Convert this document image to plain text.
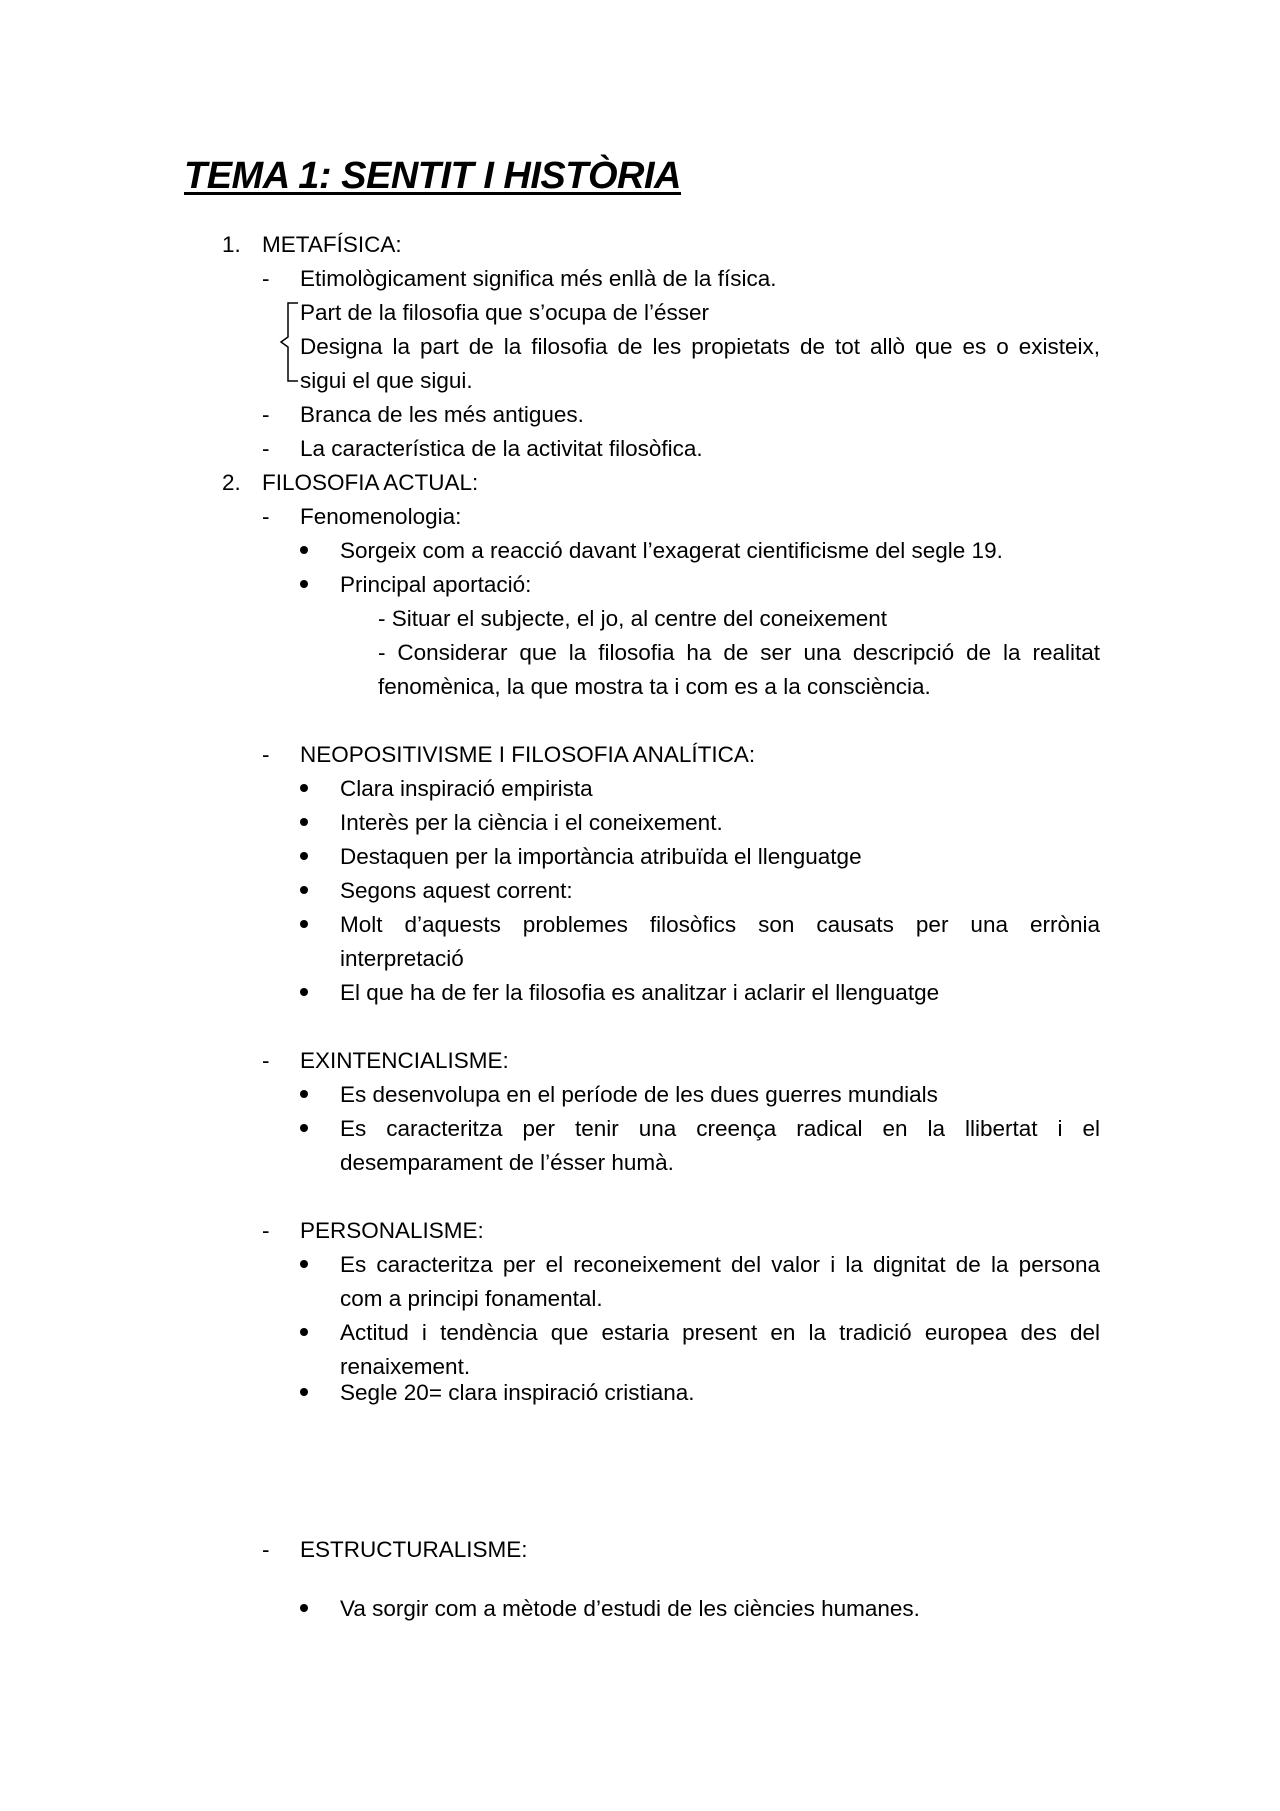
TEMA 1: SENTIT I HISTÒRIA
1. METAFÍSICA:
- Etimològicament significa més enllà de la física.
Part de la filosofia que s’ocupa de l’ésser
Designa la part de la filosofia de les propietats de tot allò que es o existeix,
sigui el que sigui.
- Branca de les més antigues.
- La característica de la activitat filosòfica.
2. FILOSOFIA ACTUAL:
- Fenomenologia:
Sorgeix com a reacció davant l’exagerat cientificisme del segle 19.
Principal aportació:
- Situar el subjecte, el jo, al centre del coneixement
- Considerar que la filosofia ha de ser una descripció de la realitat
fenomènica, la que mostra ta i com es a la consciència.
- NEOPOSITIVISME I FILOSOFIA ANALÍTICA:
Clara inspiració empirista
Interès per la ciència i el coneixement.
Destaquen per la importància atribuïda el llenguatge
Segons aquest corrent:
Molt d’aquests problemes filosòfics son causats per una errònia
interpretació
El que ha de fer la filosofia es analitzar i aclarir el llenguatge
- EXINTENCIALISME:
Es desenvolupa en el període de les dues guerres mundials
Es caracteritza per tenir una creença radical en la llibertat i el
desemparament de l’ésser humà.
- PERSONALISME:
Es caracteritza per el reconeixement del valor i la dignitat de la persona
com a principi fonamental.
Actitud i tendència que estaria present en la tradició europea des del
renaixement.
Segle 20= clara inspiració cristiana.
- ESTRUCTURALISME:
Va sorgir com a mètode d’estudi de les ciències humanes.
